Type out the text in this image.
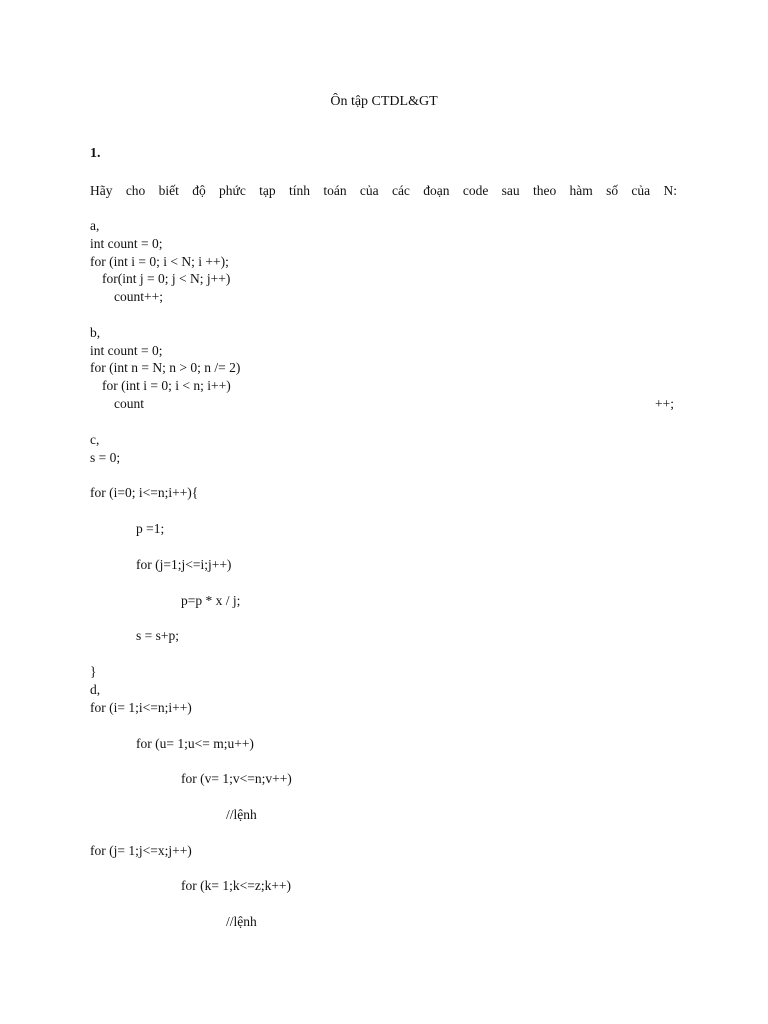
Ôn tập CTDL&GT
1.
Hãy cho biết độ phức tạp tính toán của các đoạn code sau theo hàm số của N:
a,
int count = 0;
for (int i = 0; i < N; i ++);
for(int j = 0; j < N; j++)
count++;
b,
int count = 0;
for (int n = N; n > 0; n /= 2)
for (int i = 0; i < n; i++)
count	++;
c,
s = 0;
for (i=0; i<=n;i++){
p =1;
for (j=1;j<=i;j++)
p=p * x / j;
s = s+p;
}
d,
for (i= 1;i<=n;i++)
for (u= 1;u<= m;u++)
for (v= 1;v<=n;v++)
//lệnh
for (j= 1;j<=x;j++)
for (k= 1;k<=z;k++)
//lệnh
